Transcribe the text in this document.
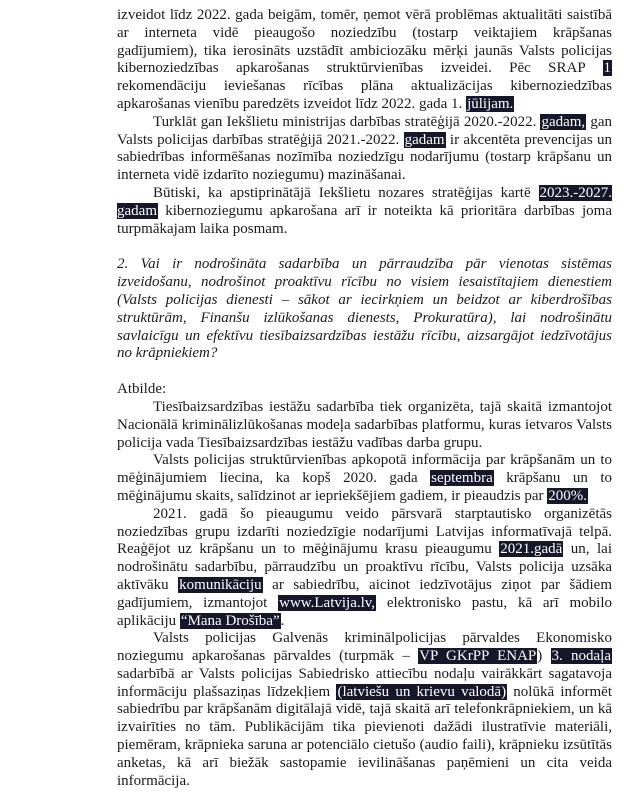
izveidot līdz 2022. gada beigām, tomēr, ņemot vērā problēmas aktualitāti saistībā ar interneta vidē pieaugošo noziedzību (tostarp veiktajiem krāpšanas gadījumiem), tika ierosināts uzstādīt ambiciozāku mērķi jaunās Valsts policijas kibernoziedzības apkarošanas struktūrvienības izveidei. Pēc SRAP 1 rekomendāciju ieviešanas rīcības plāna aktualizācijas kibernoziedzības apkarošanas vienību paredzēts izveidot līdz 2022. gada 1. jūlijam.

Turklāt gan Iekšlietu ministrijas darbības stratēģijā 2020.-2022. gadam, gan Valsts policijas darbības stratēģijā 2021.-2022. gadam ir akcentēta prevencijas un sabiedrības informēšanas nozīmība noziedzīgu nodarījumu (tostarp krāpšanu un interneta vidē izdarīto noziegumu) mazināšanai.

Būtiski, ka apstiprinātājā Iekšlietu nozares stratēģijas kartē 2023.-2027. gadam kibernoziegumu apkarošana arī ir noteikta kā prioritāra darbības joma turpmākajam laika posmam.

2. Vai ir nodrošināta sadarbība un pārraudzība pār vienotas sistēmas izveidošanu, nodrošinot proaktīvu rīcību no visiem iesaistītajiem dienestiem (Valsts policijas dienesti – sākot ar iecirkņiem un beidzot ar kiberdrošības struktūrām, Finanšu izlūkošanas dienests, Prokuratūra), lai nodrošinātu savlaicīgu un efektīvu tiesībaizsardzības iestāžu rīcību, aizsargājot iedzīvotājus no krāpniekiem?

Atbilde:

Tiesībaizsardzības iestāžu sadarbība tiek organizēta, tajā skaitā izmantojot Nacionālā kriminālizlūkošanas modeļa sadarbības platformu, kuras ietvaros Valsts policija vada Tiesībaizsardzības iestāžu vadības darba grupu.

Valsts policijas struktūrvienības apkopotā informācija par krāpšanām un to mēģinājumiem liecina, ka kopš 2020. gada septembra krāpšanu un to mēģinājumu skaits, salīdzinot ar iepriekšējiem gadiem, ir pieaudzis par 200%.

2021. gadā šo pieaugumu veido pārsvarā starptautisko organizētās noziedzības grupu izdarīti noziedzīgie nodarījumi Latvijas informatīvajā telpā. Reaģējot uz krāpšanu un to mēģinājumu krasu pieaugumu 2021.gadā un, lai nodrošinātu sadarbību, pārraudzību un proaktīvu rīcību, Valsts policija uzsāka aktīvāku komunikāciju ar sabiedrību, aicinot iedzīvotājus ziņot par šādiem gadījumiem, izmantojot www.Latvija.lv, elektronisko pastu, kā arī mobilo aplikāciju “Mana Drošība”.

Valsts policijas Galvenās kriminālpolicijas pārvaldes Ekonomisko noziegumu apkarošanas pārvaldes (turpmāk – VP GKrPP ENAP) 3. nodaļa sadarbībā ar Valsts policijas Sabiedrisko attiecību nodaļu vairākkārt sagatavoja informāciju plašsaziņas līdzekļiem (latviešu un krievu valodā) nolūkā informēt sabiedrību par krāpšanām digitālajā vidē, tajā skaitā arī telefonkrāpniekiem, un kā izvairīties no tām. Publikācijām tika pievienoti dažādi ilustratīvie materiāli, piemēram, krāpnieka saruna ar potenciālo cietušo (audio faili), krāpnieku izsūtītās anketas, kā arī biežāk sastopamie ievilināšanas paņēmieni un cita veida informācija.
